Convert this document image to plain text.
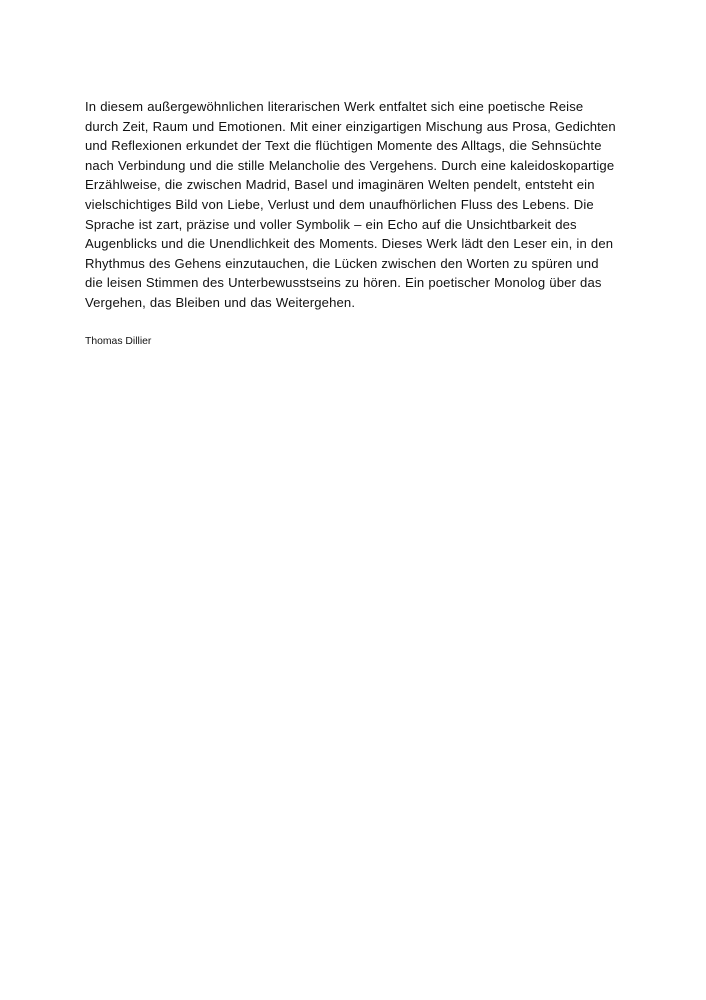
In diesem außergewöhnlichen literarischen Werk entfaltet sich eine poetische Reise durch Zeit, Raum und Emotionen. Mit einer einzigartigen Mischung aus Prosa, Gedichten und Reflexionen erkundet der Text die flüchtigen Momente des Alltags, die Sehnsüchte nach Verbindung und die stille Melancholie des Vergehens. Durch eine kaleidoskopartige Erzählweise, die zwischen Madrid, Basel und imaginären Welten pendelt, entsteht ein vielschichtiges Bild von Liebe, Verlust und dem unaufhörlichen Fluss des Lebens. Die Sprache ist zart, präzise und voller Symbolik – ein Echo auf die Unsichtbarkeit des Augenblicks und die Unendlichkeit des Moments. Dieses Werk lädt den Leser ein, in den Rhythmus des Gehens einzutauchen, die Lücken zwischen den Worten zu spüren und die leisen Stimmen des Unterbewusstseins zu hören. Ein poetischer Monolog über das Vergehen, das Bleiben und das Weitergehen.

Thomas Dillier
